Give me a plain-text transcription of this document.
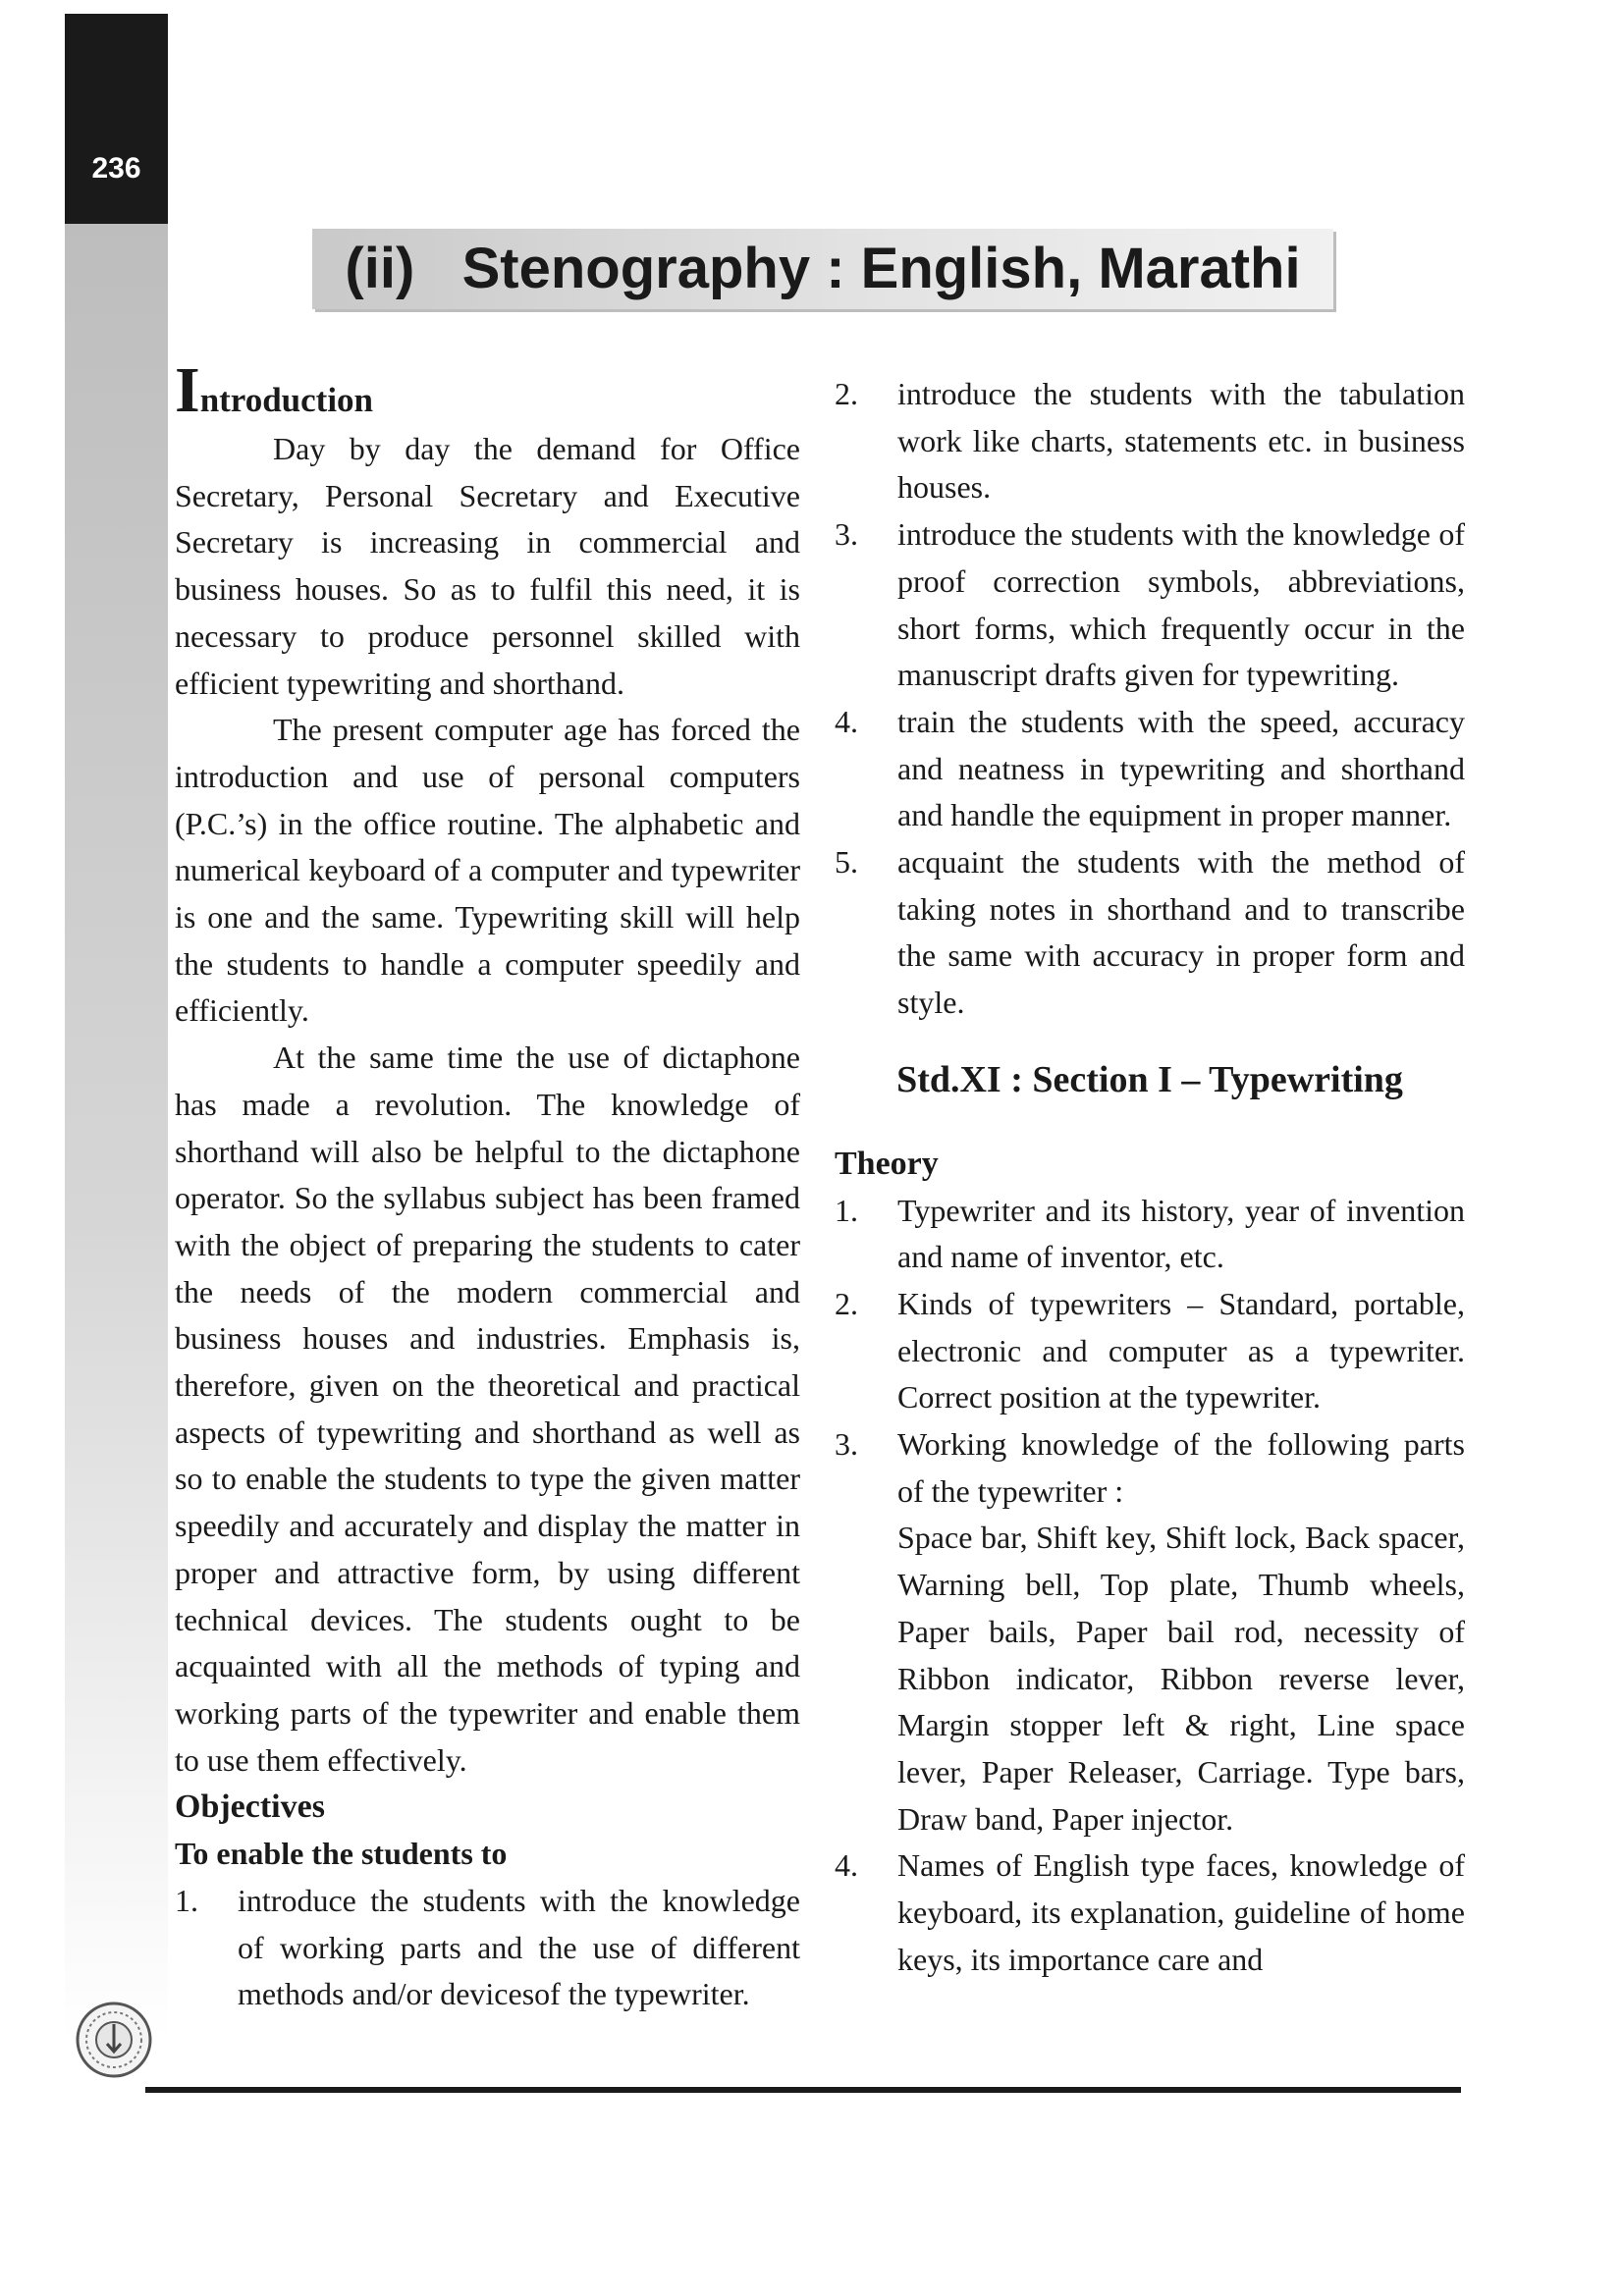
236
(ii)   Stenography : English, Marathi
Introduction

Day by day the demand for Office Secretary, Personal Secretary and Executive Secretary is increasing in commercial and business houses. So as to fulfil this need, it is necessary to produce personnel skilled with efficient typewriting and shorthand.

The present computer age has forced the introduction and use of personal computers (P.C.’s) in the office routine. The alphabetic and numerical keyboard of a computer and typewriter is one and the same. Typewriting skill will help the students to handle a computer speedily and efficiently.

At the same time the use of dictaphone has made a revolution. The knowledge of shorthand will also be helpful to the dictaphone operator. So the syllabus subject has been framed with the object of preparing the students to cater the needs of the modern commercial and business houses and industries. Emphasis is, therefore, given on the theoretical and practical aspects of typewriting and shorthand as well as so to enable the students to type the given matter speedily and accurately and display the matter in proper and attractive form, by using different technical devices. The students ought to be acquainted with all the methods of typing and working parts of the typewriter and enable them to use them effectively.

Objectives
To enable the students to
1. introduce the students with the knowledge of working parts and the use of different methods and/or devicesof the typewriter.
2. introduce the students with the tabulation work like charts, statements etc. in business houses.
3. introduce the students with the knowledge of proof correction symbols, abbreviations, short forms, which frequently occur in the manuscript drafts given for typewriting.
4. train the students with the speed, accuracy and neatness in typewriting and shorthand and handle the equipment in proper manner.
5. acquaint the students with the method of taking notes in shorthand and to transcribe the same with accuracy in proper form and style.
Std.XI : Section I – Typewriting
Theory
1. Typewriter and its history, year of invention and name of inventor, etc.
2. Kinds of typewriters – Standard, portable, electronic and computer as a typewriter. Correct position at the typewriter.
3. Working knowledge of the following parts of the typewriter :
Space bar, Shift key, Shift lock, Back spacer, Warning bell, Top plate, Thumb wheels, Paper bails, Paper bail rod, necessity of Ribbon indicator, Ribbon reverse lever, Margin stopper left & right, Line space lever, Paper Releaser, Carriage. Type bars, Draw band, Paper injector.
4. Names of English type faces, knowledge of keyboard, its explanation, guideline of home keys, its importance care and
